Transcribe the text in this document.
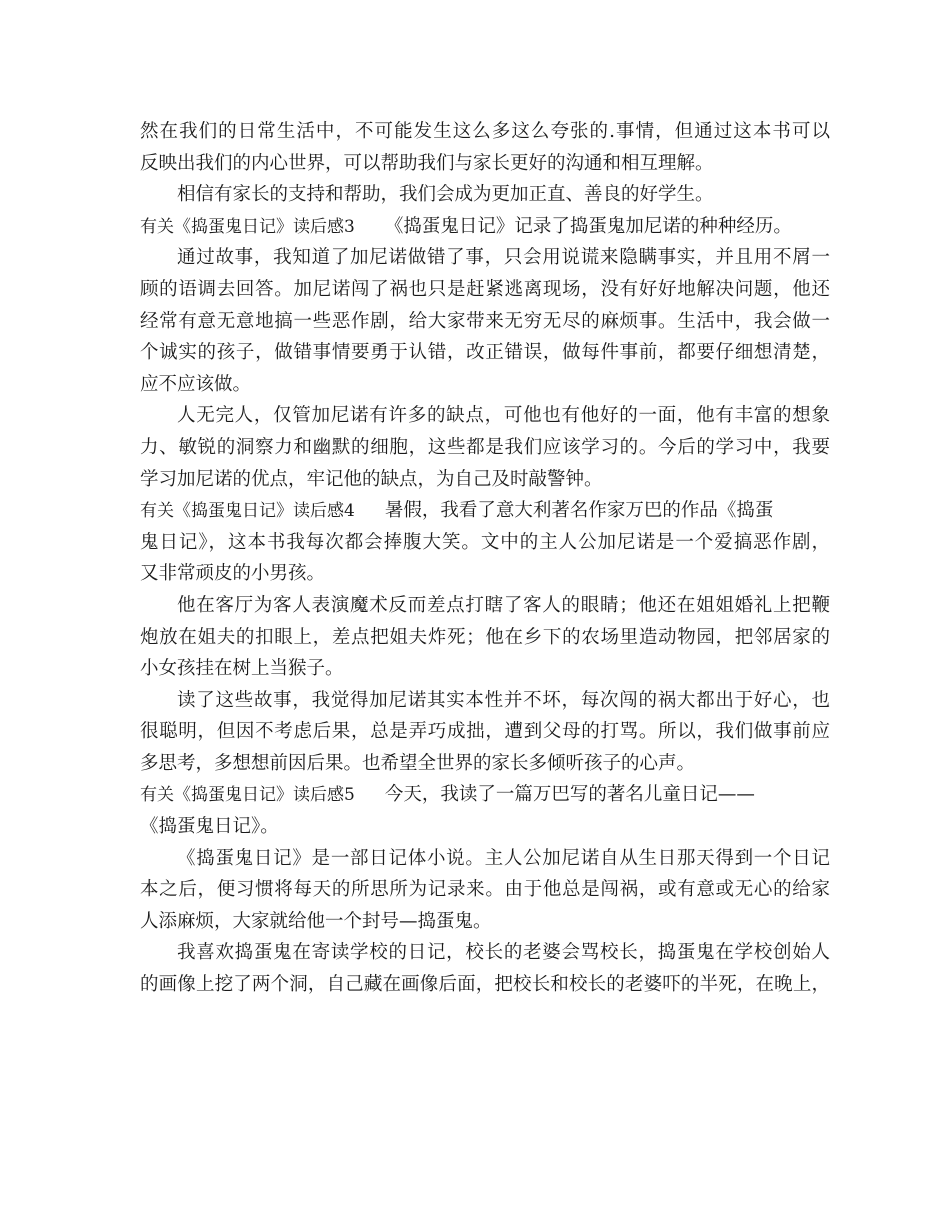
然在我们的日常生活中，不可能发生这么多这么夸张的.事情，但通过这本书可以
反映出我们的内心世界，可以帮助我们与家长更好的沟通和相互理解。
相信有家长的支持和帮助，我们会成为更加正直、善良的好学生。
有关《捣蛋鬼日记》读后感3 《捣蛋鬼日记》记录了捣蛋鬼加尼诺的种种经历。
通过故事，我知道了加尼诺做错了事，只会用说谎来隐瞒事实，并且用不屑一
顾的语调去回答。加尼诺闯了祸也只是赶紧逃离现场，没有好好地解决问题，他还
经常有意无意地搞一些恶作剧，给大家带来无穷无尽的麻烦事。生活中，我会做一
个诚实的孩子，做错事情要勇于认错，改正错误，做每件事前，都要仔细想清楚，
应不应该做。
人无完人，仅管加尼诺有许多的缺点，可他也有他好的一面，他有丰富的想象
力、敏锐的洞察力和幽默的细胞，这些都是我们应该学习的。今后的学习中，我要
学习加尼诺的优点，牢记他的缺点，为自己及时敲警钟。
有关《捣蛋鬼日记》读后感4 暑假，我看了意大利著名作家万巴的作品《捣蛋
鬼日记》，这本书我每次都会捧腹大笑。文中的主人公加尼诺是一个爱搞恶作剧，
又非常顽皮的小男孩。
他在客厅为客人表演魔术反而差点打瞎了客人的眼睛；他还在姐姐婚礼上把鞭
炮放在姐夫的扣眼上，差点把姐夫炸死；他在乡下的农场里造动物园，把邻居家的
小女孩挂在树上当猴子。
读了这些故事，我觉得加尼诺其实本性并不坏，每次闯的祸大都出于好心，也
很聪明，但因不考虑后果，总是弄巧成拙，遭到父母的打骂。所以，我们做事前应
多思考，多想想前因后果。也希望全世界的家长多倾听孩子的心声。
有关《捣蛋鬼日记》读后感5 今天，我读了一篇万巴写的著名儿童日记——
《捣蛋鬼日记》。
《捣蛋鬼日记》是一部日记体小说。主人公加尼诺自从生日那天得到一个日记
本之后，便习惯将每天的所思所为记录来。由于他总是闯祸，或有意或无心的给家
人添麻烦，大家就给他一个封号—捣蛋鬼。
我喜欢捣蛋鬼在寄读学校的日记，校长的老婆会骂校长，捣蛋鬼在学校创始人
的画像上挖了两个洞，自己藏在画像后面，把校长和校长的老婆吓的半死，在晚上，
